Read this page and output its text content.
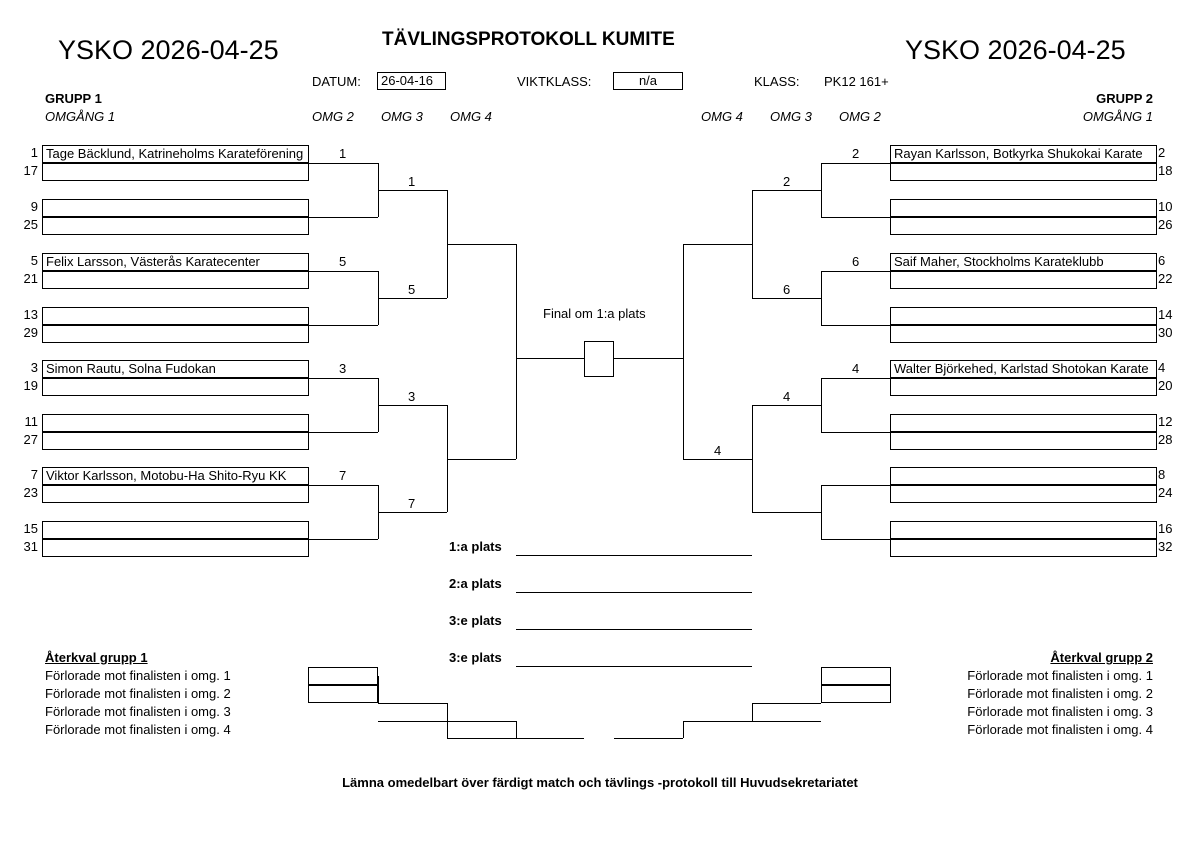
YSKO 2026-04-25	YSKO 2026-04-25
TÄVLINGSPROTOKOLL KUMITE
DATUM: 26-04-16	VIKTKLASS:	n/a	KLASS: PK12 161+
GRUPP 1
OMGÅNG 1	OMG 2 OMG 3 OMG 4
GRUPP 2
OMGÅNG 1
OMG 2
OMG 3
OMG 4
Tage Bäcklund, Katrineholms Karateförening
1
17
9
25
Felix Larsson, Västerås Karatecenter
5
21
13
29
Simon Rautu, Solna Fudokan
3
19
11
27
Viktor Karlsson, Motobu-Ha Shito-Ryu KK
7
23
15
31
1
5
3
7
1
5
3
7
Rayan Karlsson, Botkyrka Shukokai Karate	2
18
10
26
Saif Maher, Stockholms Karateklubb	6
22
14
30
Walter Björkehed, Karlstad Shotokan Karate 4
20
12
28
8
24
16
32
2
6
4
2
6
4
4
Final om 1:a plats
1:a plats
2:a plats
3:e plats
3:e plats
Återkval grupp 1
Förlorade mot finalisten i omg. 1
Förlorade mot finalisten i omg. 2
Förlorade mot finalisten i omg. 3
Förlorade mot finalisten i omg. 4
Återkval grupp 2
Förlorade mot finalisten i omg. 1
Förlorade mot finalisten i omg. 2
Förlorade mot finalisten i omg. 3
Förlorade mot finalisten i omg. 4
Lämna omedelbart över färdigt match och tävlings -protokoll till Huvudsekretariatet
